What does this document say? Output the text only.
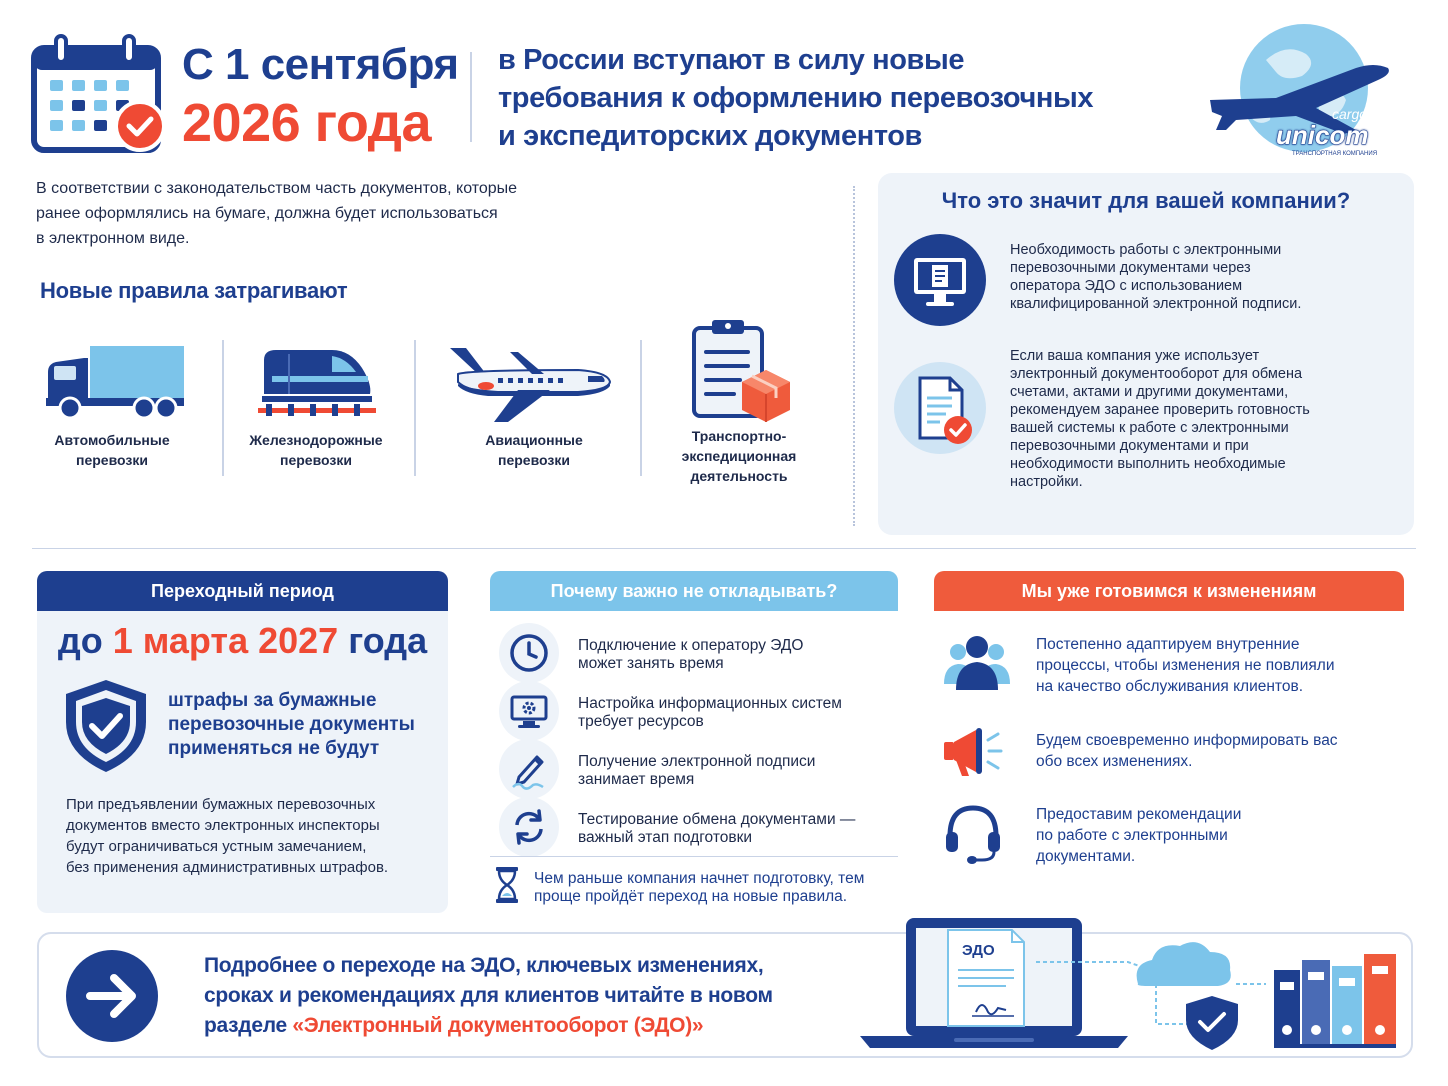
С 1 сентября
2026 года
в России вступают в силу новые
требования к оформлению перевозочных
и экспедиторских документов
cargo
unicom
ТРАНСПОРТНАЯ КОМПАНИЯ
В соответствии с законодательством часть документов, которые
ранее оформлялись на бумаге, должна будет использоваться
в электронном виде.
Новые правила затрагивают
Автомобильные
перевозки
Железнодорожные
перевозки
Авиационные
перевозки
Транспортно-
экспедиционная
деятельность
Что это значит для вашей компании?
Необходимость работы с электронными
перевозочными документами через
оператора ЭДО с использованием
квалифицированной электронной подписи.
Если ваша компания уже использует
электронный документооборот для обмена
счетами, актами и другими документами,
рекомендуем заранее проверить готовность
вашей системы к работе с электронными
перевозочными документами и при
необходимости выполнить необходимые
настройки.
Переходный период
до 1 марта 2027 года
штрафы за бумажные
перевозочные документы
применяться не будут
При предъявлении бумажных перевозочных
документов вместо электронных инспекторы
будут ограничиваться устным замечанием,
без применения административных штрафов.
Почему важно не откладывать?
Подключение к оператору ЭДО
может занять время
Настройка информационных систем
требует ресурсов
Получение электронной подписи
занимает время
Тестирование обмена документами —
важный этап подготовки
Чем раньше компания начнет подготовку, тем
проще пройдёт переход на новые правила.
Мы уже готовимся к изменениям
Постепенно адаптируем внутренние
процессы, чтобы изменения не повлияли
на качество обслуживания клиентов.
Будем своевременно информировать вас
обо всех изменениях.
Предоставим рекомендации
по работе с электронными
документами.
Подробнее о переходе на ЭДО, ключевых изменениях,
сроках и рекомендациях для клиентов читайте в новом
разделе «Электронный документооборот (ЭДО)»
ЭДО
